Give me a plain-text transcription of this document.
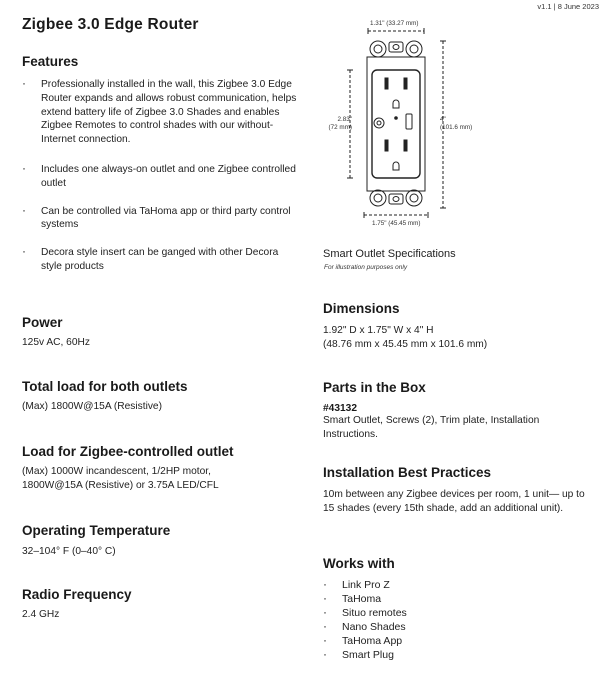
v1.1 | 8 June 2023
Zigbee 3.0 Edge Router
Features
· Professionally installed in the wall, this Zigbee 3.0 Edge Router expands and allows robust communication, helps extend battery life of Zigbee 3.0 Shades and enables Zigbee Remotes to control shades with our without-Internet connection.
· Includes one always-on outlet and one Zigbee controlled outlet
· Can be controlled via TaHoma app or third party control systems
· Decora style insert can be ganged with other Decora style products
Power
125v AC, 60Hz
Total load for both outlets
(Max) 1800W@15A (Resistive)
Load for Zigbee-controlled outlet
(Max) 1000W incandescent, 1/2HP motor, 1800W@15A (Resistive) or 3.75A LED/CFL
Operating Temperature
32–104° F (0–40° C)
Radio Frequency
2.4 GHz
1.31" (33.27 mm)
2.83"
(72 mm)
4"
(101.6 mm)
1.75" (45.45 mm)
Smart Outlet Specifications
For illustration purposes only
Dimensions
1.92" D x 1.75" W x 4" H
(48.76 mm x 45.45 mm x 101.6 mm)
Parts in the Box
#43132
Smart Outlet, Screws (2), Trim plate, Installation Instructions.
Installation Best Practices
10m between any Zigbee devices per room, 1 unit— up to 15 shades (every 15th shade, add an additional unit).
Works with
· Link Pro Z
· TaHoma
· Situo remotes
· Nano Shades
· TaHoma App
· Smart Plug
